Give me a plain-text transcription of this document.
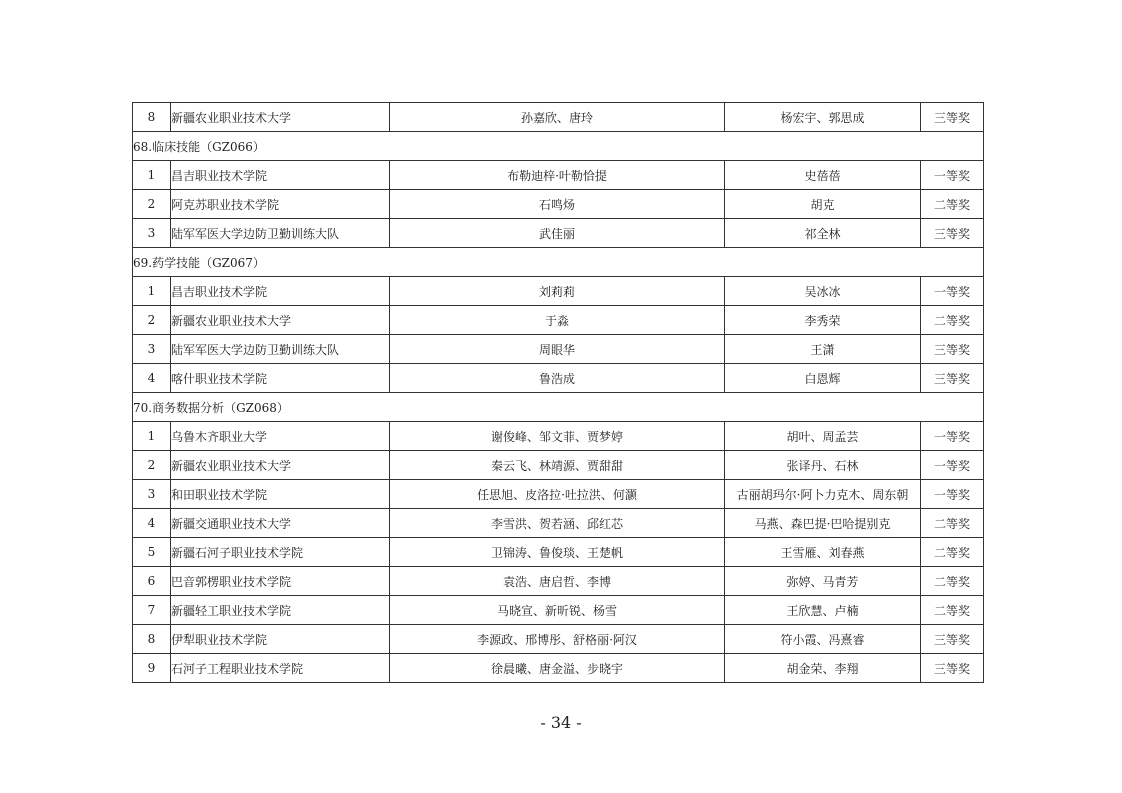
8	新疆农业职业技术大学	孙嘉欣、唐玲	杨宏宇、郭思成	三等奖
68.临床技能（GZ066）				
1	昌吉职业技术学院	布勒迪梓·叶勒恰提	史蓓蓓	一等奖
2	阿克苏职业技术学院	石鸣炀	胡克	二等奖
3	陆军军医大学边防卫勤训练大队	武佳丽	祁全林	三等奖
69.药学技能（GZ067）				
1	昌吉职业技术学院	刘莉莉	吴冰冰	一等奖
2	新疆农业职业技术大学	于淼	李秀荣	二等奖
3	陆军军医大学边防卫勤训练大队	周眼华	王潇	三等奖
4	喀什职业技术学院	鲁浩成	白恩辉	三等奖
70.商务数据分析（GZ068）				
1	乌鲁木齐职业大学	谢俊峰、邹文菲、贾梦婷	胡叶、周孟芸	一等奖
2	新疆农业职业技术大学	秦云飞、林靖源、贾甜甜	张译丹、石林	一等奖
3	和田职业技术学院	任思旭、皮洛拉·吐拉洪、何灏	古丽胡玛尔·阿卜力克木、周东朝	一等奖
4	新疆交通职业技术大学	李雪洪、贺若涵、邱红芯	马燕、森巴提·巴哈提别克	二等奖
5	新疆石河子职业技术学院	卫锦涛、鲁俊琰、王楚帆	王雪雁、刘春燕	二等奖
6	巴音郭楞职业技术学院	袁浩、唐启哲、李博	弥婷、马青芳	二等奖
7	新疆轻工职业技术学院	马晓宣、新昕锐、杨雪	王欣慧、卢楠	二等奖
8	伊犁职业技术学院	李源政、邢博彤、舒格丽·阿汉	符小霞、冯熹睿	三等奖
9	石河子工程职业技术学院	徐晨曦、唐金溢、步晓宇	胡金荣、李翔	三等奖
- 34 -
